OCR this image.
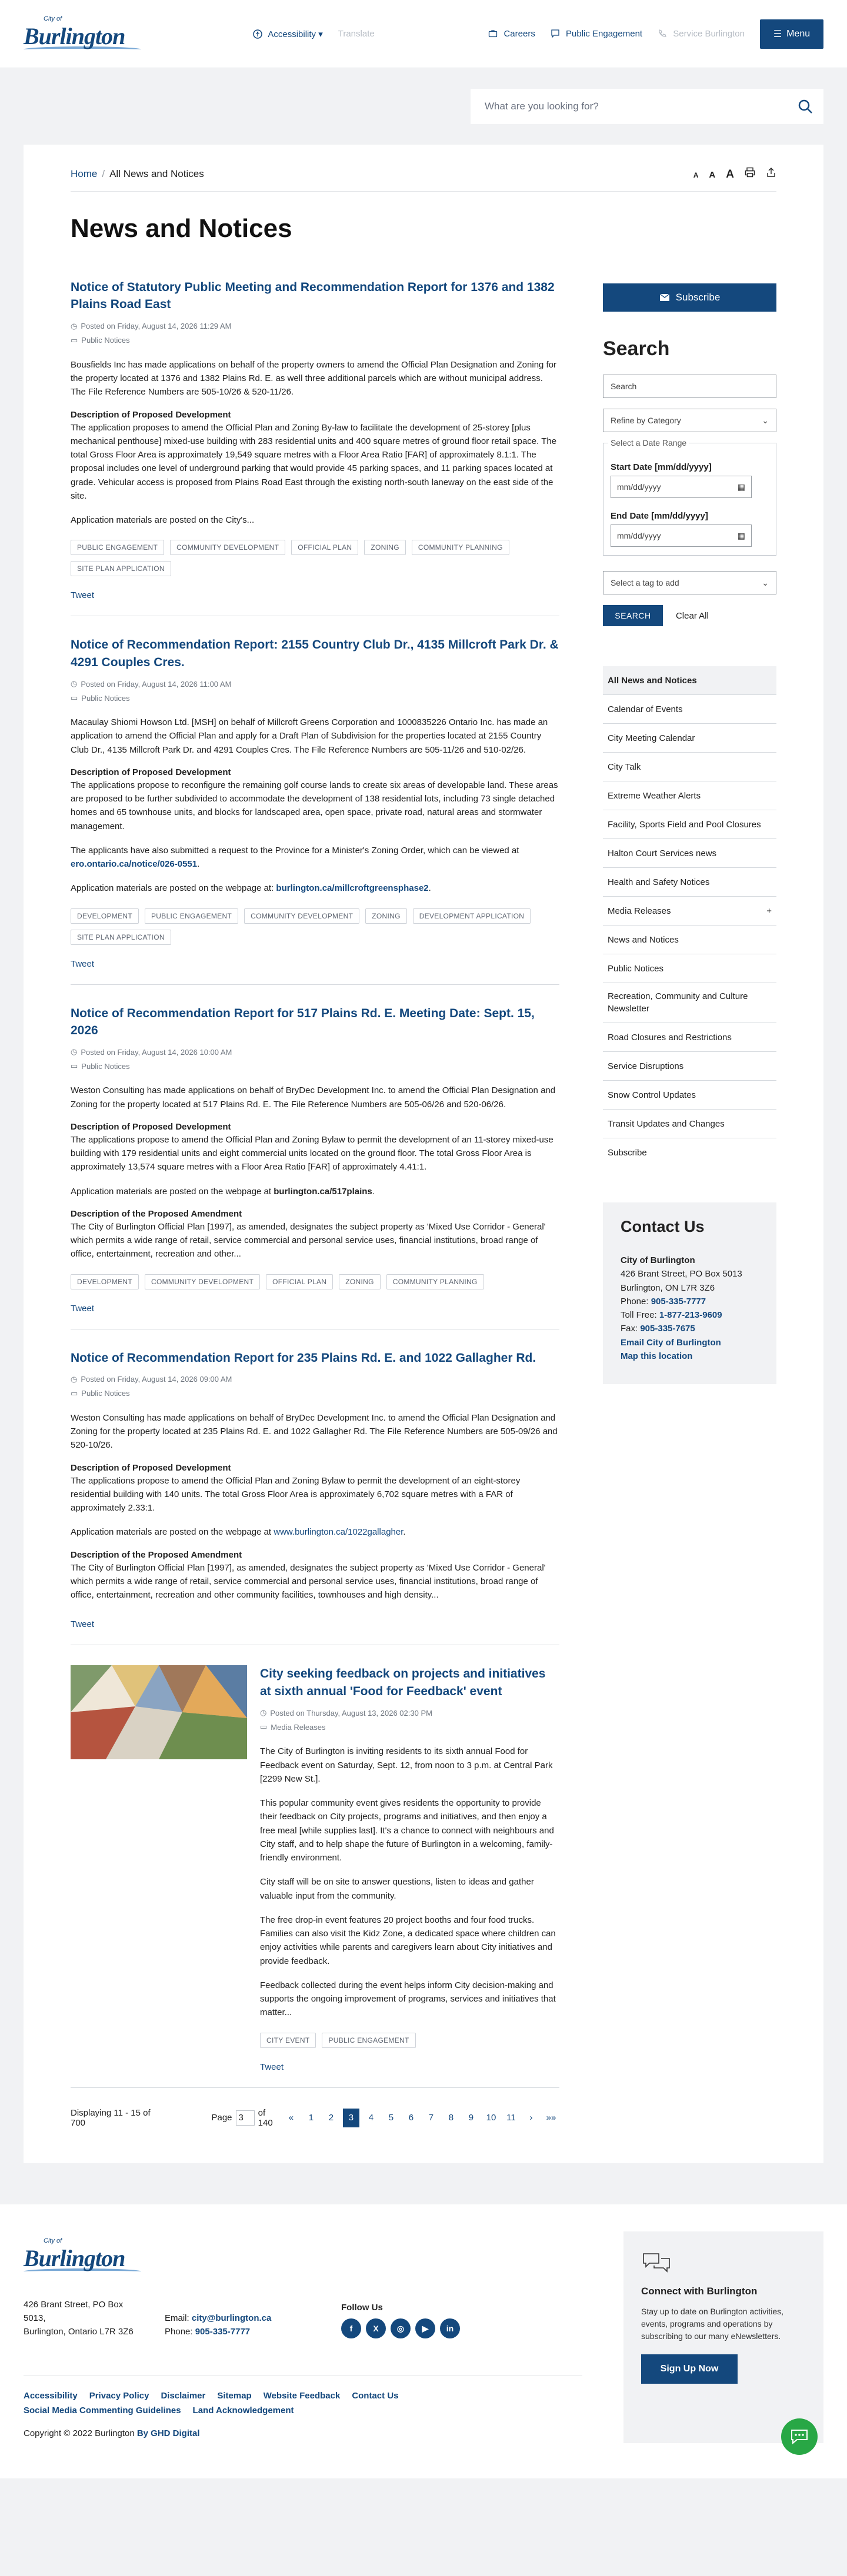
City of
Burlington	Accessibility ▾ Translate	Careers	Public Engagement	Service Burlington	☰ Menu
What are you looking for?
Home / All News and Notices	A A A
News and Notices
Notice of Statutory Public Meeting and Recommendation Report for 1376 and 1382 Plains Road East
◷ Posted on Friday, August 14, 2026 11:29 AM
▭ Public Notices

Bousfields Inc has made applications on behalf of the property owners to amend the Official Plan Designation and Zoning for the property located at 1376 and 1382 Plains Rd. E. as well three additional parcels which are without municipal address. The File Reference Numbers are 505-10/26 & 520-11/26.

Description of Proposed Development

The application proposes to amend the Official Plan and Zoning By-law to facilitate the development of 25-storey [plus mechanical penthouse] mixed-use building with 283 residential units and 400 square metres of ground floor retail space. The total Gross Floor Area is approximately 19,549 square metres with a Floor Area Ratio [FAR] of approximately 8.1:1. The proposal includes one level of underground parking that would provide 45 parking spaces, and 11 parking spaces located at grade. Vehicular access is proposed from Plains Road East through the existing north-south laneway on the east side of the site.

Application materials are posted on the City's...

PUBLIC ENGAGEMENT	COMMUNITY DEVELOPMENT	OFFICIAL PLAN	ZONING	COMMUNITY PLANNING
SITE PLAN APPLICATION
Tweet
Notice of Recommendation Report: 2155 Country Club Dr., 4135 Millcroft Park Dr. & 4291 Couples Cres.
◷ Posted on Friday, August 14, 2026 11:00 AM
▭ Public Notices

Macaulay Shiomi Howson Ltd. [MSH] on behalf of Millcroft Greens Corporation and 1000835226 Ontario Inc. has made an application to amend the Official Plan and apply for a Draft Plan of Subdivision for the properties located at 2155 Country Club Dr., 4135 Millcroft Park Dr. and 4291 Couples Cres. The File Reference Numbers are 505-11/26 and 510-02/26.

Description of Proposed Development

The applications propose to reconfigure the remaining golf course lands to create six areas of developable land. These areas are proposed to be further subdivided to accommodate the development of 138 residential lots, including 73 single detached homes and 65 townhouse units, and blocks for landscaped area, open space, private road, natural areas and stormwater management.

The applicants have also submitted a request to the Province for a Minister's Zoning Order, which can be viewed at ero.ontario.ca/notice/026-0551.

Application materials are posted on the webpage at: burlington.ca/millcroftgreensphase2.

DEVELOPMENT	PUBLIC ENGAGEMENT	COMMUNITY DEVELOPMENT	ZONING	DEVELOPMENT APPLICATION
SITE PLAN APPLICATION
Tweet
Notice of Recommendation Report for 517 Plains Rd. E. Meeting Date: Sept. 15, 2026
◷ Posted on Friday, August 14, 2026 10:00 AM
▭ Public Notices

Weston Consulting has made applications on behalf of BryDec Development Inc. to amend the Official Plan Designation and Zoning for the property located at 517 Plains Rd. E. The File Reference Numbers are 505-06/26 and 520-06/26.

Description of Proposed Development

The applications propose to amend the Official Plan and Zoning Bylaw to permit the development of an 11-storey mixed-use building with 179 residential units and eight commercial units located on the ground floor. The total Gross Floor Area is approximately 13,574 square metres with a Floor Area Ratio [FAR] of approximately 4.41:1.

Application materials are posted on the webpage at burlington.ca/517plains.

Description of the Proposed Amendment

The City of Burlington Official Plan [1997], as amended, designates the subject property as 'Mixed Use Corridor - General' which permits a wide range of retail, service commercial and personal service uses, financial institutions, broad range of office, entertainment, recreation and other...

DEVELOPMENT	COMMUNITY DEVELOPMENT	OFFICIAL PLAN	ZONING	COMMUNITY PLANNING
Tweet
Notice of Recommendation Report for 235 Plains Rd. E. and 1022 Gallagher Rd.
◷ Posted on Friday, August 14, 2026 09:00 AM
▭ Public Notices

Weston Consulting has made applications on behalf of BryDec Development Inc. to amend the Official Plan Designation and Zoning for the property located at 235 Plains Rd. E. and 1022 Gallagher Rd. The File Reference Numbers are 505-09/26 and 520-10/26.

Description of Proposed Development

The applications propose to amend the Official Plan and Zoning Bylaw to permit the development of an eight-storey residential building with 140 units. The total Gross Floor Area is approximately 6,702 square metres with a FAR of approximately 2.33:1.

Application materials are posted on the webpage at www.burlington.ca/1022gallagher.

Description of the Proposed Amendment

The City of Burlington Official Plan [1997], as amended, designates the subject property as 'Mixed Use Corridor - General' which permits a wide range of retail, service commercial and personal service uses, financial institutions, broad range of office, entertainment, recreation and other community facilities, townhouses and high density...

Tweet
City seeking feedback on projects and initiatives at sixth annual 'Food for Feedback' event
◷ Posted on Thursday, August 13, 2026 02:30 PM
▭ Media Releases

The City of Burlington is inviting residents to its sixth annual Food for Feedback event on Saturday, Sept. 12, from noon to 3 p.m. at Central Park [2299 New St.].

This popular community event gives residents the opportunity to provide their feedback on City projects, programs and initiatives, and then enjoy a free meal [while supplies last]. It's a chance to connect with neighbours and City staff, and to help shape the future of Burlington in a welcoming, family-friendly environment.

City staff will be on site to answer questions, listen to ideas and gather valuable input from the community.

The free drop-in event features 20 project booths and four food trucks. Families can also visit the Kidz Zone, a dedicated space where children can enjoy activities while parents and caregivers learn about City initiatives and provide feedback.

Feedback collected during the event helps inform City decision-making and supports the ongoing improvement of programs, services and initiatives that matter...

CITY EVENT	PUBLIC ENGAGEMENT
Tweet
Displaying 11 - 15 of 700	Page 3	of 140	«	1	2	3	4	5	6	7	8	9	10	11	›	»»
Subscribe
Search
Search
Refine by Category	⌄
Select a Date Range
Start Date [mm/dd/yyyy]
mm/dd/yyyy	▦
End Date [mm/dd/yyyy]
mm/dd/yyyy	▦
Select a tag to add	⌄
SEARCH	Clear All
All News and Notices
Calendar of Events
City Meeting Calendar
City Talk
Extreme Weather Alerts
Facility, Sports Field and Pool Closures
Halton Court Services news
Health and Safety Notices
Media Releases	+
News and Notices
Public Notices
Recreation, Community and Culture Newsletter
Road Closures and Restrictions
Service Disruptions
Snow Control Updates
Transit Updates and Changes
Subscribe
Contact Us

City of Burlington

426 Brant Street, PO Box 5013

Burlington, ON L7R 3Z6

Phone: 905-335-7777

Toll Free: 1-877-213-9609

Fax: 905-335-7675

Email City of Burlington

Map this location

City of
Burlington
426 Brant Street, PO Box 5013,
Burlington, Ontario L7R 3Z6
Email: city@burlington.ca
Phone: 905-335-7777
Follow Us
f	X	◎	▶	in
Accessibility Privacy Policy Disclaimer Sitemap Website Feedback Contact Us
Social Media Commenting Guidelines Land Acknowledgement
Copyright © 2022 Burlington By GHD Digital
Connect with Burlington

Stay up to date on Burlington activities, events, programs and operations by subscribing to our many eNewsletters.

Sign Up Now
